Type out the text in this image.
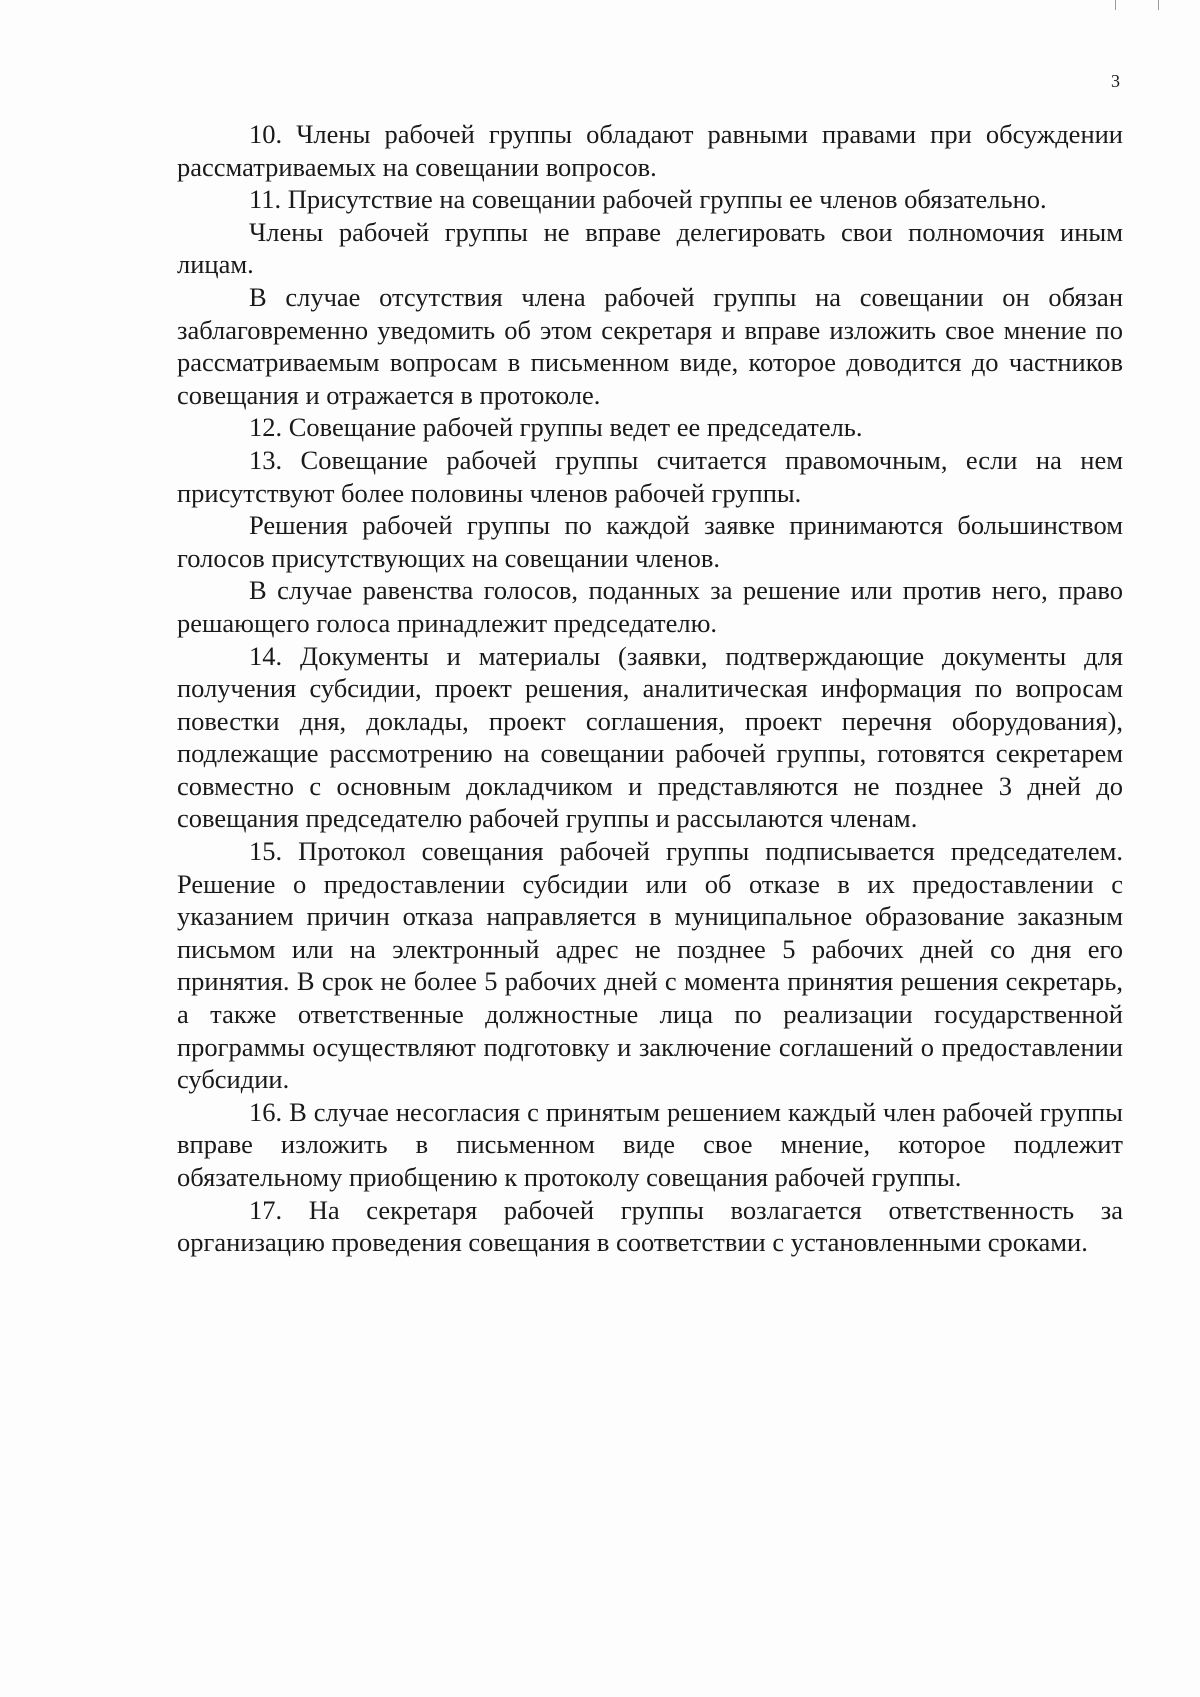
3

10. Члены рабочей группы обладают равными правами при обсуждении рассматриваемых на совещании вопросов.

11. Присутствие на совещании рабочей группы ее членов обязательно.

Члены рабочей группы не вправе делегировать свои полномочия иным лицам.

В случае отсутствия члена рабочей группы на совещании он обязан заблаговременно уведомить об этом секретаря и вправе изложить свое мнение по рассматриваемым вопросам в письменном виде, которое доводится до частников совещания и отражается в протоколе.

12. Совещание рабочей группы ведет ее председатель.

13. Совещание рабочей группы считается правомочным, если на нем присутствуют более половины членов рабочей группы.

Решения рабочей группы по каждой заявке принимаются большинством голосов присутствующих на совещании членов.

В случае равенства голосов, поданных за решение или против него, право решающего голоса принадлежит председателю.

14. Документы и материалы (заявки, подтверждающие документы для получения субсидии, проект решения, аналитическая информация по вопросам повестки дня, доклады, проект соглашения, проект перечня оборудования), подлежащие рассмотрению на совещании рабочей группы, готовятся секретарем совместно с основным докладчиком и представляются не позднее 3 дней до совещания председателю рабочей группы и рассылаются членам.

15. Протокол совещания рабочей группы подписывается председателем. Решение о предоставлении субсидии или об отказе в их предоставлении с указанием причин отказа направляется в муниципальное образование заказным письмом или на электронный адрес не позднее 5 рабочих дней со дня его принятия. В срок не более 5 рабочих дней с момента принятия решения секретарь, а также ответственные должностные лица по реализации государственной программы осуществляют подготовку и заключение соглашений о предоставлении субсидии.

16. В случае несогласия с принятым решением каждый член рабочей группы вправе изложить в письменном виде свое мнение, которое подлежит обязательному приобщению к протоколу совещания рабочей группы.

17. На секретаря рабочей группы возлагается ответственность за организацию проведения совещания в соответствии с установленными сроками.
